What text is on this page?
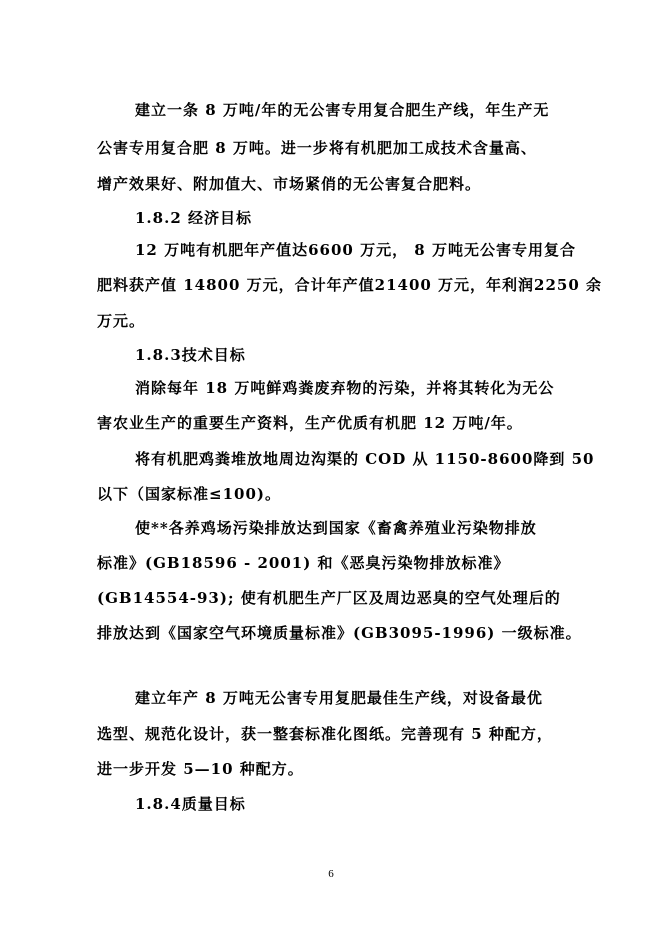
建立一条 8 万吨/年的无公害专用复合肥生产线，年生产无
公害专用复合肥 8 万吨。进一步将有机肥加工成技术含量高、
增产效果好、附加值大、市场紧俏的无公害复合肥料。
1.8.2 经济目标
12 万吨有机肥年产值达6600 万元， 8 万吨无公害专用复合
肥料获产值 14800 万元，合计年产值21400 万元，年利润2250 余
万元。
1.8.3技术目标
消除每年 18 万吨鲜鸡粪废弃物的污染，并将其转化为无公
害农业生产的重要生产资料，生产优质有机肥 12 万吨/年。
将有机肥鸡粪堆放地周边沟渠的 COD 从 1150-8600降到 50
以下（国家标准≤100)。
使**各养鸡场污染排放达到国家《畜禽养殖业污染物排放
标准》(GB18596 - 2001) 和《恶臭污染物排放标准》
(GB14554-93); 使有机肥生产厂区及周边恶臭的空气处理后的
排放达到《国家空气环境质量标准》(GB3095-1996) 一级标准。
建立年产 8 万吨无公害专用复肥最佳生产线，对设备最优
选型、规范化设计，获一整套标准化图纸。完善现有 5 种配方，
进一步开发 5—10 种配方。
1.8.4质量目标
6
